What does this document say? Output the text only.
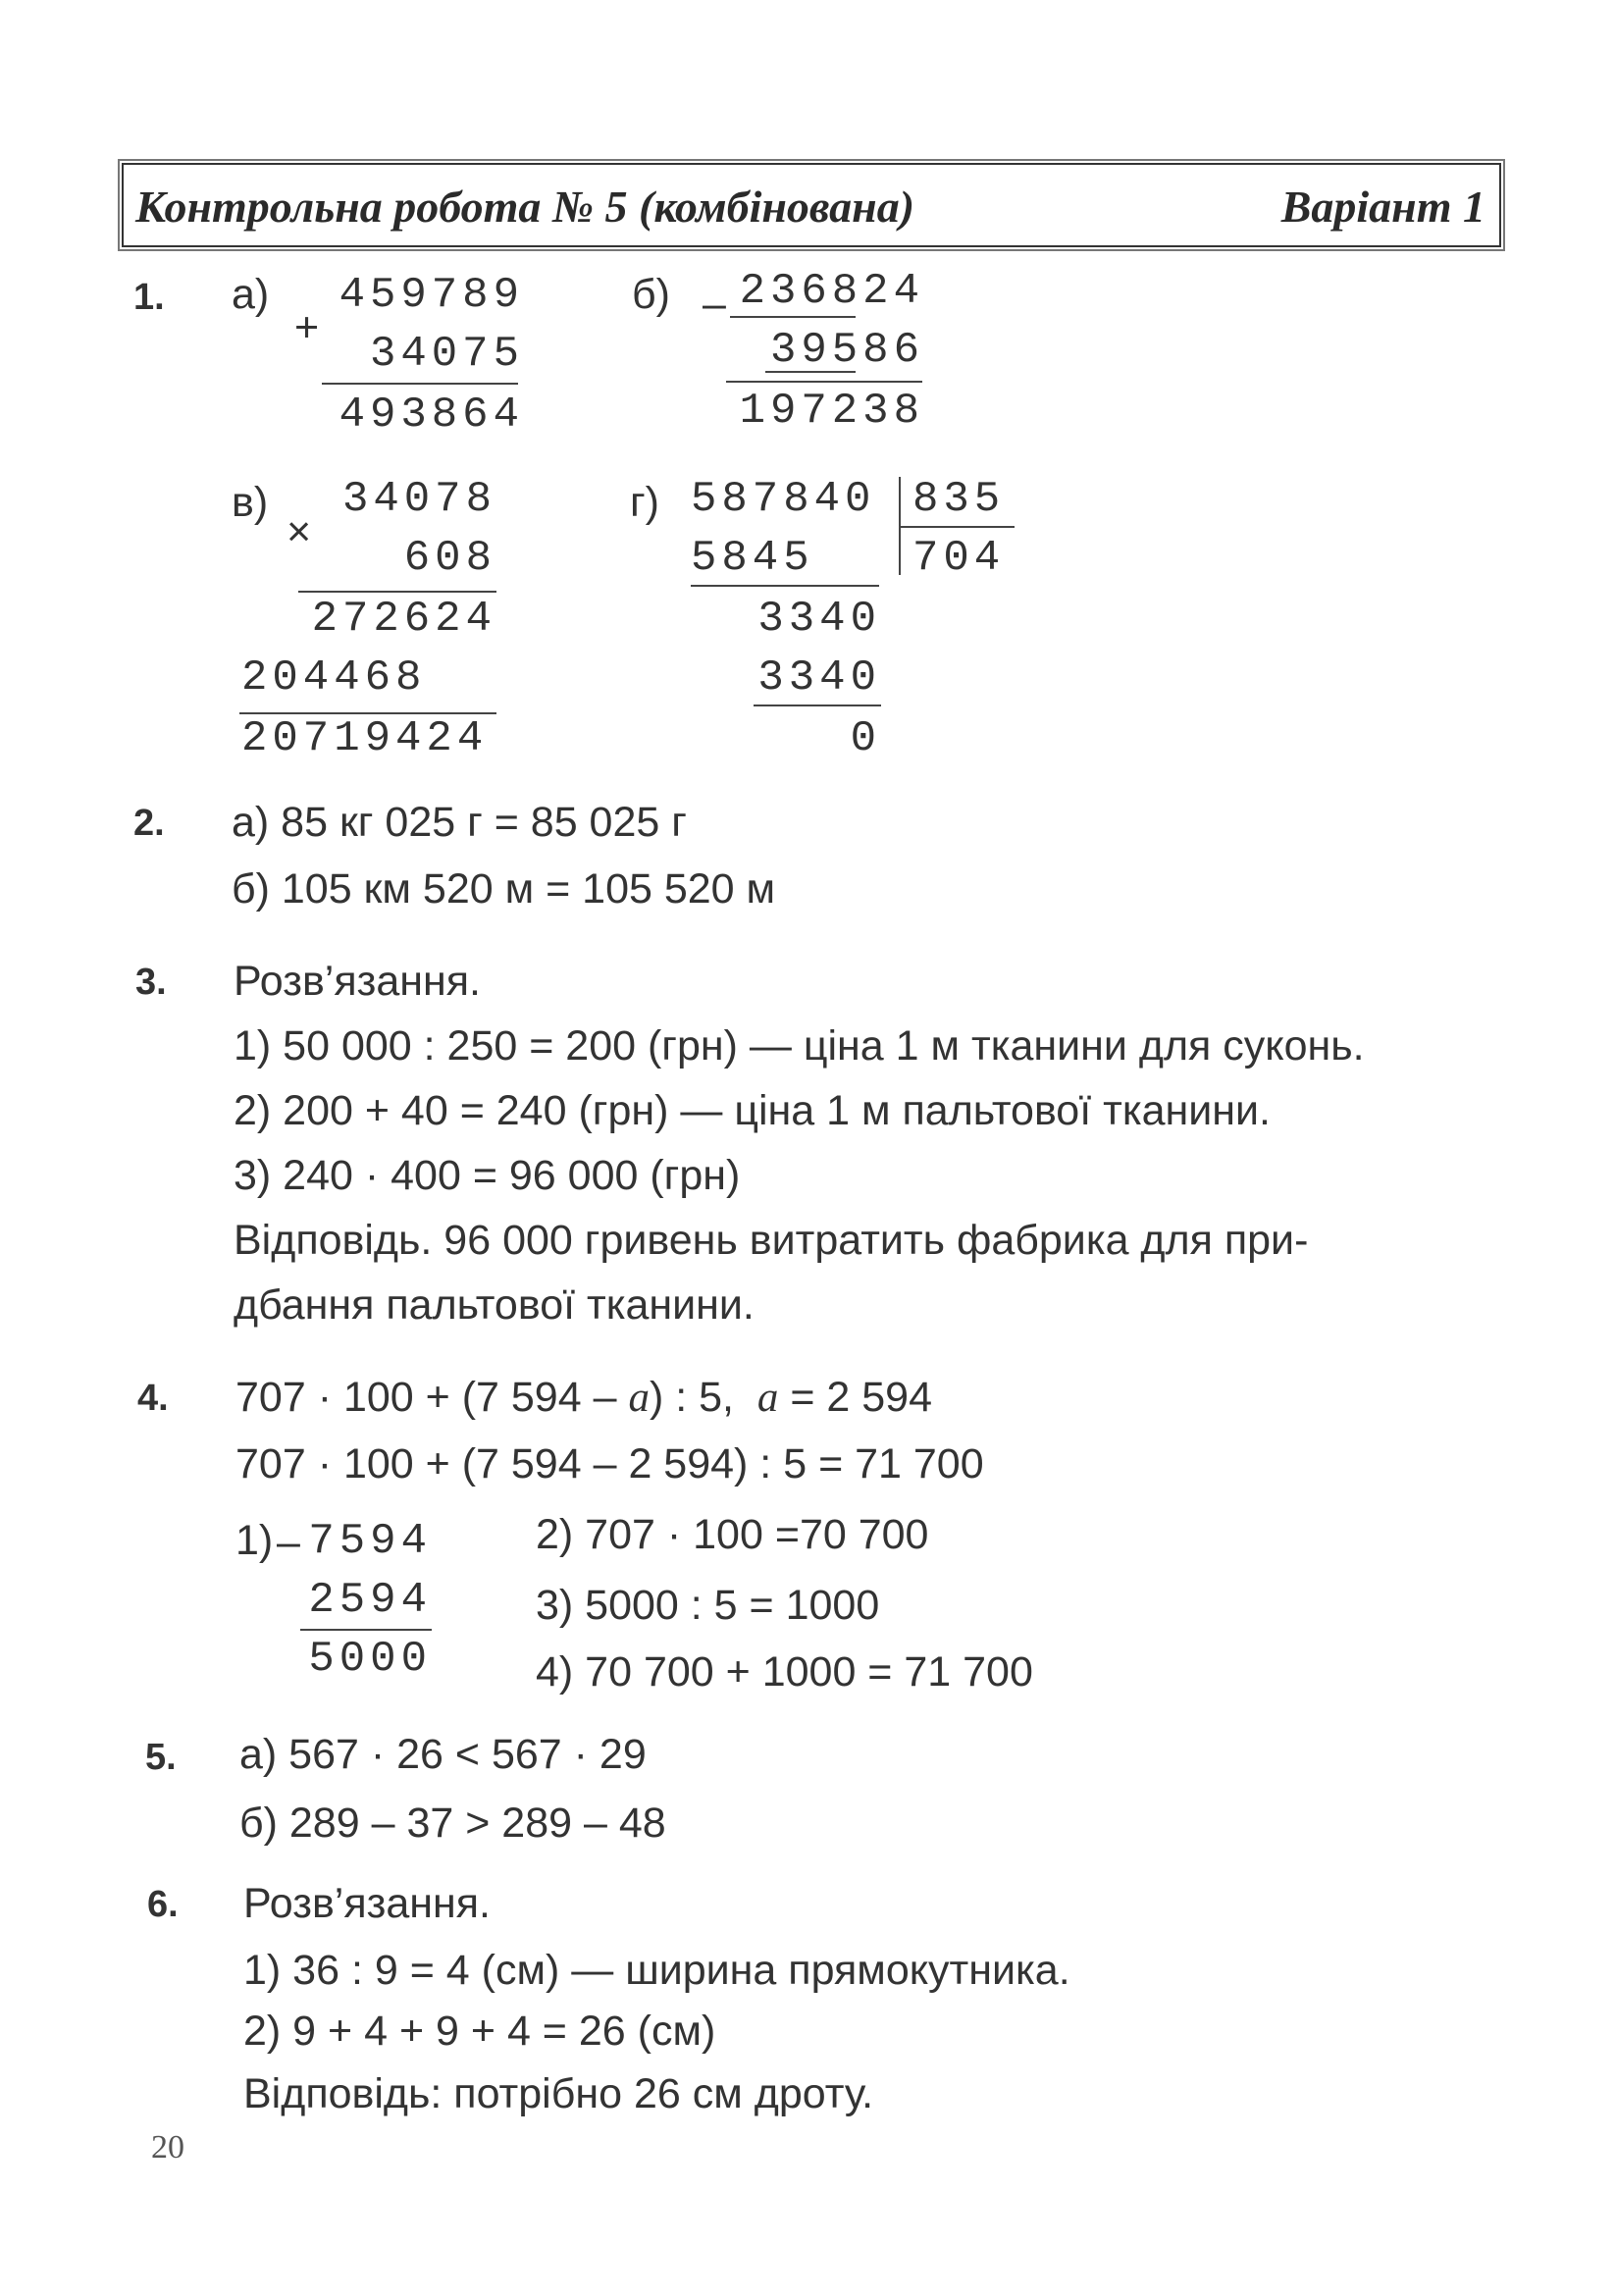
Контрольна робота № 5 (комбінована)	Варіант 1
1. а)
+
459789
34075
493864
б) – 236824
39586
197238
в)
×
34078
608
272624
204468
20719424
г) 587840 835
704
5845
3340
3340
0
2. а) 85 кг 025 г = 85 025 г
б) 105 км 520 м = 105 520 м
3. Розв’язання.
1) 50 000 : 250 = 200 (грн) — ціна 1 м тканини для суконь.
2) 200 + 40 = 240 (грн) — ціна 1 м пальтової тканини.
3) 240 · 400 = 96 000 (грн)
Відповідь. 96 000 гривень витратить фабрика для при-
дбання пальтової тканини.
4. 707 · 100 + (7 594 – a) : 5, a = 2 594
707 · 100 + (7 594 – 2 594) : 5 = 71 700
1) – 7594
2594
5000
2) 707 · 100 =70 700
3) 5000 : 5 = 1000
4) 70 700 + 1000 = 71 700
5. а) 567 · 26 < 567 · 29
б) 289 – 37 > 289 – 48
6. Розв’язання.
1) 36 : 9 = 4 (см) — ширина прямокутника.
2) 9 + 4 + 9 + 4 = 26 (см)
Відповідь: потрібно 26 см дроту.
20
